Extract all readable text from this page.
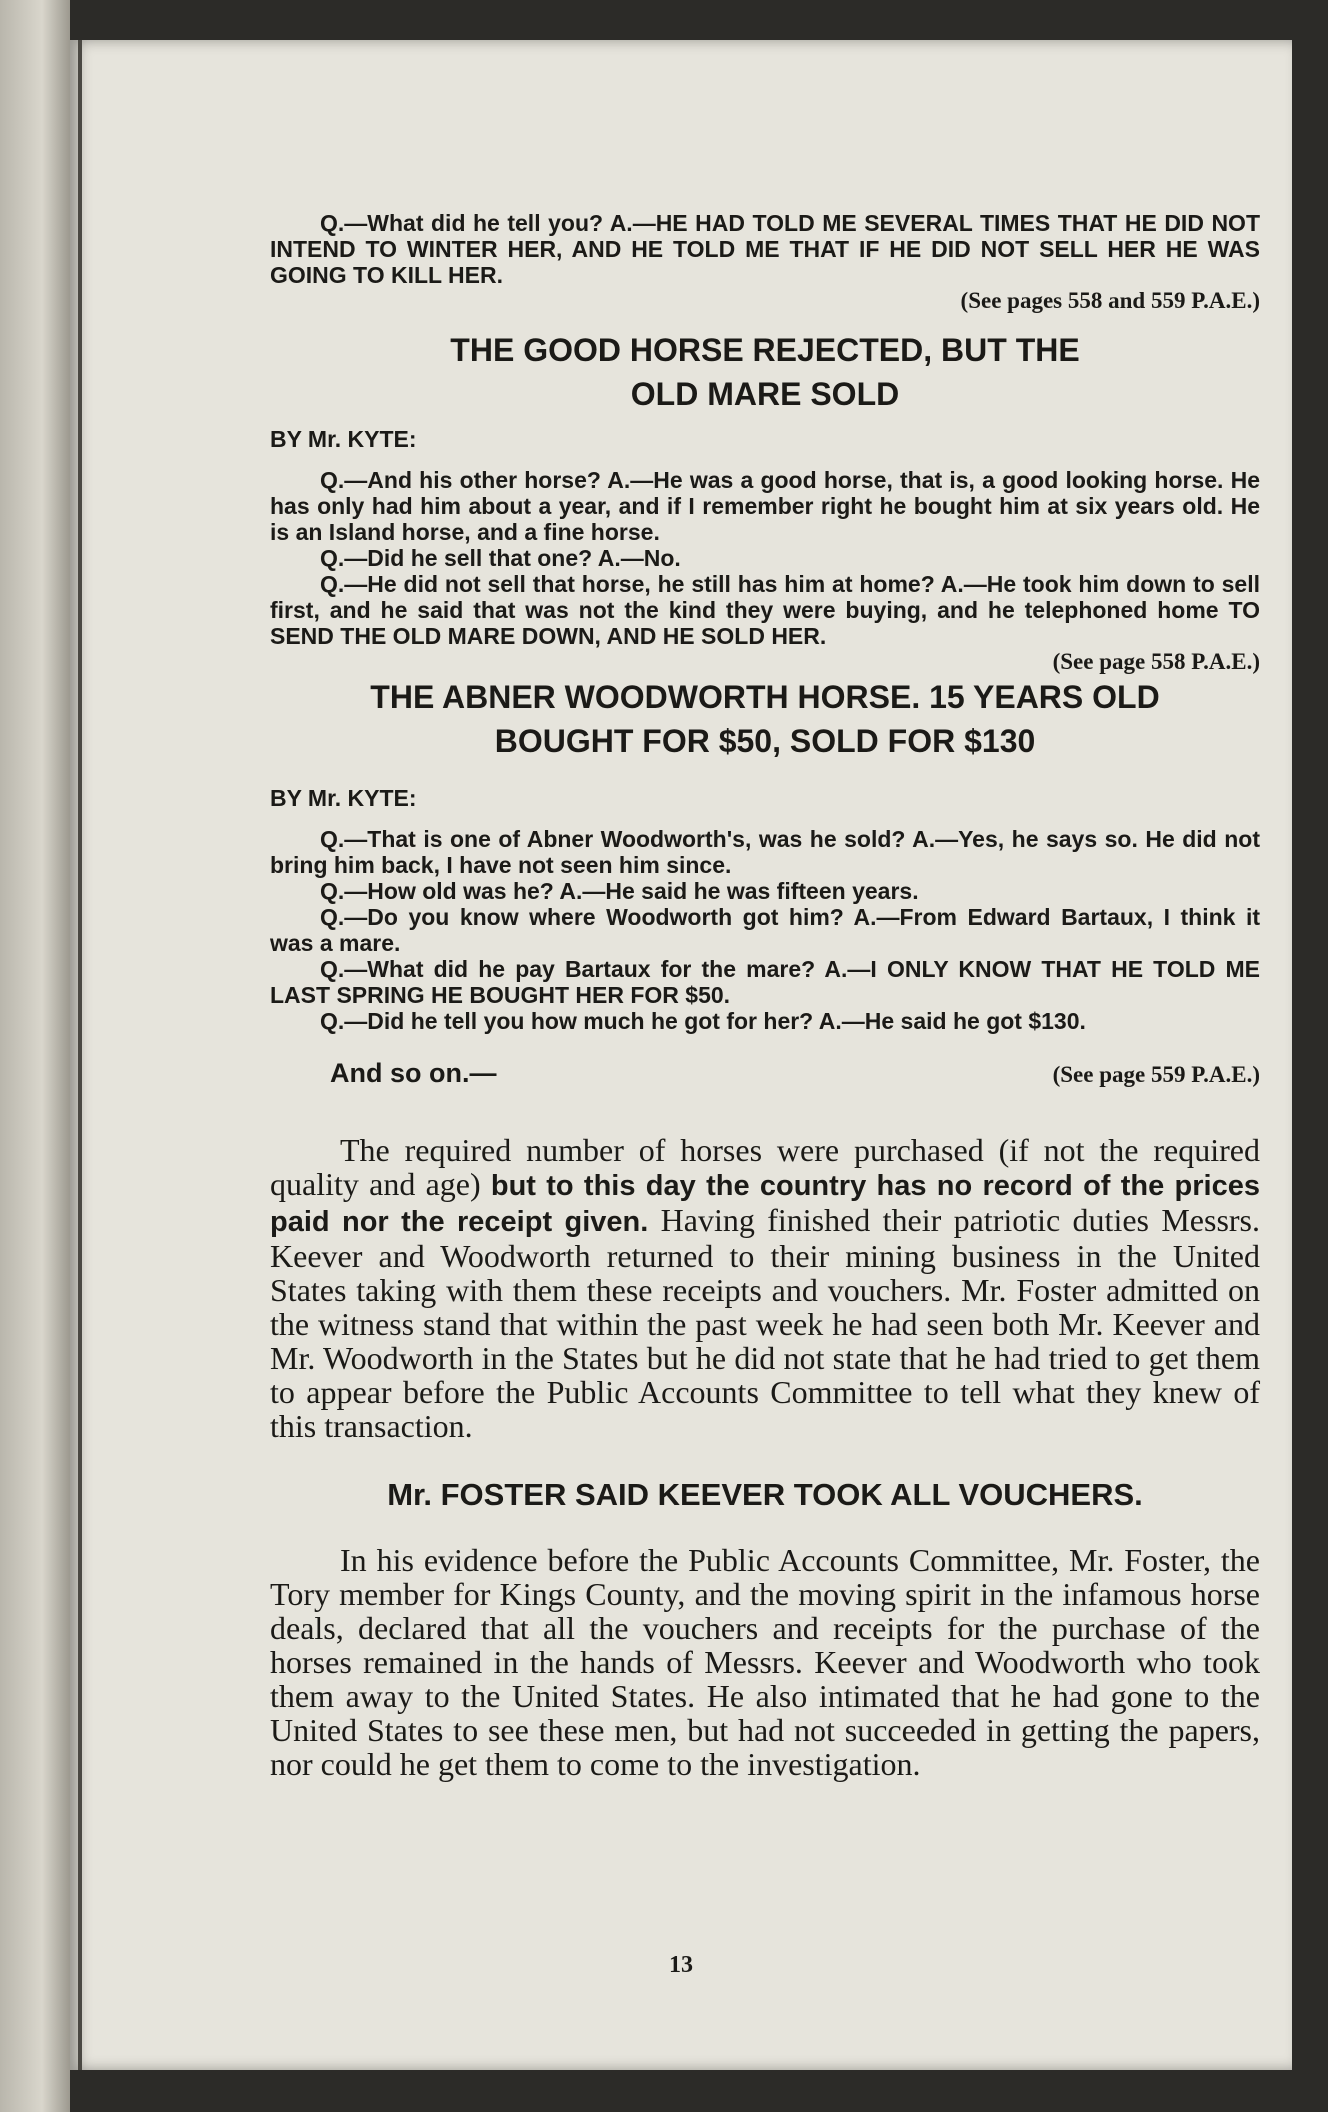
Q.—What did he tell you? A.—HE HAD TOLD ME SEVERAL TIMES THAT HE DID NOT INTEND TO WINTER HER, AND HE TOLD ME THAT IF HE DID NOT SELL HER HE WAS GOING TO KILL HER.

(See pages 558 and 559 P.A.E.)

THE GOOD HORSE REJECTED, BUT THE
OLD MARE SOLD

BY Mr. KYTE:

Q.—And his other horse? A.—He was a good horse, that is, a good looking horse. He has only had him about a year, and if I remember right he bought him at six years old. He is an Island horse, and a fine horse.

Q.—Did he sell that one? A.—No.

Q.—He did not sell that horse, he still has him at home? A.—He took him down to sell first, and he said that was not the kind they were buying, and he telephoned home TO SEND THE OLD MARE DOWN, AND HE SOLD HER.

(See page 558 P.A.E.)

THE ABNER WOODWORTH HORSE. 15 YEARS OLD
BOUGHT FOR $50, SOLD FOR $130

BY Mr. KYTE:

Q.—That is one of Abner Woodworth's, was he sold? A.—Yes, he says so. He did not bring him back, I have not seen him since.

Q.—How old was he? A.—He said he was fifteen years.

Q.—Do you know where Woodworth got him? A.—From Edward Bartaux, I think it was a mare.

Q.—What did he pay Bartaux for the mare? A.—I ONLY KNOW THAT HE TOLD ME LAST SPRING HE BOUGHT HER FOR $50.

Q.—Did he tell you how much he got for her? A.—He said he got $130.

And so on.—	(See page 559 P.A.E.)

The required number of horses were purchased (if not the required quality and age) but to this day the country has no record of the prices paid nor the receipt given. Having finished their patriotic duties Messrs. Keever and Woodworth returned to their mining business in the United States taking with them these receipts and vouchers. Mr. Foster admitted on the witness stand that within the past week he had seen both Mr. Keever and Mr. Woodworth in the States but he did not state that he had tried to get them to appear before the Public Accounts Committee to tell what they knew of this transaction.

Mr. FOSTER SAID KEEVER TOOK ALL VOUCHERS.

In his evidence before the Public Accounts Committee, Mr. Foster, the Tory member for Kings County, and the moving spirit in the infamous horse deals, declared that all the vouchers and receipts for the purchase of the horses remained in the hands of Messrs. Keever and Woodworth who took them away to the United States. He also intimated that he had gone to the United States to see these men, but had not succeeded in getting the papers, nor could he get them to come to the investigation.

13
